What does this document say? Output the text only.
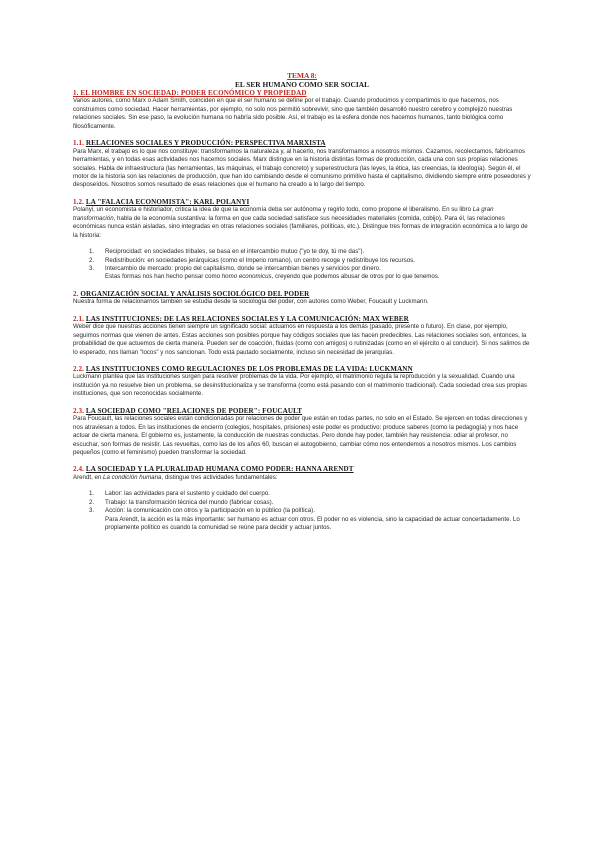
TEMA 8:
EL SER HUMANO COMO SER SOCIAL
1. EL HOMBRE EN SOCIEDAD: PODER ECONÓMICO Y PROPIEDAD

Varios autores, como Marx o Adam Smith, coinciden en que el ser humano se define por el trabajo. Cuando producimos y compartimos lo que hacemos, nos construimos como sociedad. Hacer herramientas, por ejemplo, no solo nos permitió sobrevivir, sino que también desarrolló nuestro cerebro y complejizó nuestras relaciones sociales. Sin ese paso, la evolución humana no habría sido posible. Así, el trabajo es la esfera donde nos hacemos humanos, tanto biológica como filosóficamente.

1.1. RELACIONES SOCIALES Y PRODUCCIÓN: PERSPECTIVA MARXISTA

Para Marx, el trabajo es lo que nos constituye: transformamos la naturaleza y, al hacerlo, nos transformamos a nosotros mismos. Cazamos, recolectamos, fabricamos herramientas, y en todas esas actividades nos hacemos sociales. Marx distingue en la historia distintas formas de producción, cada una con sus propias relaciones sociales. Habla de infraestructura (las herramientas, las máquinas, el trabajo concreto) y superestructura (las leyes, la ética, las creencias, la ideología). Según él, el motor de la historia son las relaciones de producción, que han ido cambiando desde el comunismo primitivo hasta el capitalismo, dividiendo siempre entre poseedores y desposeídos. Nosotros somos resultado de esas relaciones que el humano ha creado a lo largo del tiempo.

1.2. LA "FALACIA ECONOMISTA": KARL POLANYI

Polanyi, un economista e historiador, critica la idea de que la economía deba ser autónoma y regirlo todo, como propone el liberalismo. En su libro La gran transformación, habla de la economía sustantiva: la forma en que cada sociedad satisface sus necesidades materiales (comida, cobijo). Para él, las relaciones económicas nunca están aisladas, sino integradas en otras relaciones sociales (familiares, políticas, etc.). Distingue tres formas de integración económica a lo largo de la historia:

1. Reciprocidad: en sociedades tribales, se basa en el intercambio mutuo ("yo te doy, tú me das").
2. Redistribución: en sociedades jerárquicas (como el Imperio romano), un centro recoge y redistribuye los recursos.
3. Intercambio de mercado: propio del capitalismo, donde se intercambian bienes y servicios por dinero.
Estas formas nos han hecho pensar como homo economicus, creyendo que podemos abusar de otros por lo que tenemos.
2. ORGANIZACIÓN SOCIAL Y ANÁLISIS SOCIOLÓGICO DEL PODER

Nuestra forma de relacionarnos también se estudia desde la sociología del poder, con autores como Weber, Foucault y Luckmann.

2.1. LAS INSTITUCIONES: DE LAS RELACIONES SOCIALES Y LA COMUNICACIÓN: MAX WEBER

Weber dice que nuestras acciones tienen siempre un significado social: actuamos en respuesta a los demás (pasado, presente o futuro). En clase, por ejemplo, seguimos normas que vienen de antes. Estas acciones son posibles porque hay códigos sociales que las hacen predecibles. Las relaciones sociales son, entonces, la probabilidad de que actuemos de cierta manera. Pueden ser de coacción, fluidas (como con amigos) o rutinizadas (como en el ejército o al conducir). Si nos salimos de lo esperado, nos llaman "locos" y nos sancionan. Todo está pautado socialmente, incluso sin necesidad de jerarquías.

2.2. LAS INSTITUCIONES COMO REGULACIONES DE LOS PROBLEMAS DE LA VIDA: LUCKMANN

Luckmann plantea que las instituciones surgen para resolver problemas de la vida. Por ejemplo, el matrimonio regula la reproducción y la sexualidad. Cuando una institución ya no resuelve bien un problema, se desinstitucionaliza y se transforma (como está pasando con el matrimonio tradicional). Cada sociedad crea sus propias instituciones, que son reconocidas socialmente.

2.3. LA SOCIEDAD COMO "RELACIONES DE PODER": FOUCAULT

Para Foucault, las relaciones sociales están condicionadas por relaciones de poder que están en todas partes, no solo en el Estado. Se ejercen en todas direcciones y nos atraviesan a todos. En las instituciones de encierro (colegios, hospitales, prisiones) este poder es productivo: produce saberes (como la pedagogía) y nos hace actuar de cierta manera. El gobierno es, justamente, la conducción de nuestras conductas. Pero donde hay poder, también hay resistencia: odiar al profesor, no escuchar, son formas de resistir. Las revueltas, como las de los años 60, buscan el autogobierno, cambiar cómo nos entendemos a nosotros mismos. Los cambios pequeños (como el feminismo) pueden transformar la sociedad.

2.4. LA SOCIEDAD Y LA PLURALIDAD HUMANA COMO PODER: HANNA ARENDT

Arendt, en La condición humana, distingue tres actividades fundamentales:

1. Labor: las actividades para el sustento y cuidado del cuerpo.
2. Trabajo: la transformación técnica del mundo (fabricar cosas).
3. Acción: la comunicación con otros y la participación en lo público (la política).
Para Arendt, la acción es la más importante: ser humano es actuar con otros. El poder no es violencia, sino la capacidad de actuar concertadamente. Lo propiamente político es cuando la comunidad se reúne para decidir y actuar juntos.
